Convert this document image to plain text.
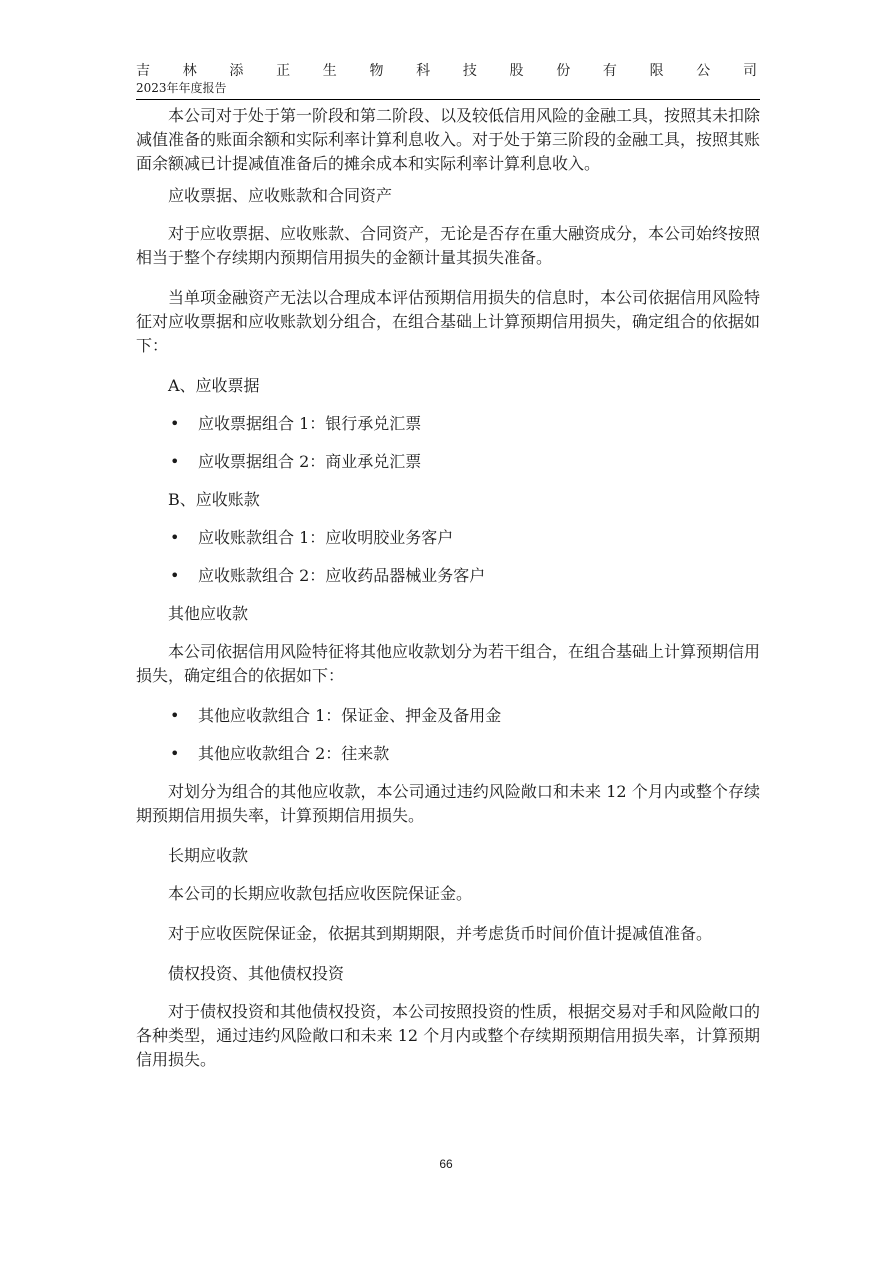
吉 林 添 正 生 物 科 技 股 份 有 限 公 司
2023年年度报告

本公司对于处于第一阶段和第二阶段、以及较低信用风险的金融工具，按照其未扣除减值准备的账面余额和实际利率计算利息收入。对于处于第三阶段的金融工具，按照其账面余额减已计提减值准备后的摊余成本和实际利率计算利息收入。

应收票据、应收账款和合同资产

对于应收票据、应收账款、合同资产，无论是否存在重大融资成分，本公司始终按照相当于整个存续期内预期信用损失的金额计量其损失准备。

当单项金融资产无法以合理成本评估预期信用损失的信息时，本公司依据信用风险特征对应收票据和应收账款划分组合，在组合基础上计算预期信用损失，确定组合的依据如下：

A、应收票据

• 应收票据组合 1：银行承兑汇票
• 应收票据组合 2：商业承兑汇票

B、应收账款

• 应收账款组合 1：应收明胶业务客户
• 应收账款组合 2：应收药品器械业务客户

其他应收款

本公司依据信用风险特征将其他应收款划分为若干组合，在组合基础上计算预期信用损失，确定组合的依据如下：

• 其他应收款组合 1：保证金、押金及备用金
• 其他应收款组合 2：往来款

对划分为组合的其他应收款，本公司通过违约风险敞口和未来 12 个月内或整个存续期预期信用损失率，计算预期信用损失。

长期应收款

本公司的长期应收款包括应收医院保证金。

对于应收医院保证金，依据其到期期限，并考虑货币时间价值计提减值准备。

债权投资、其他债权投资

对于债权投资和其他债权投资，本公司按照投资的性质，根据交易对手和风险敞口的各种类型，通过违约风险敞口和未来 12 个月内或整个存续期预期信用损失率，计算预期信用损失。

66
